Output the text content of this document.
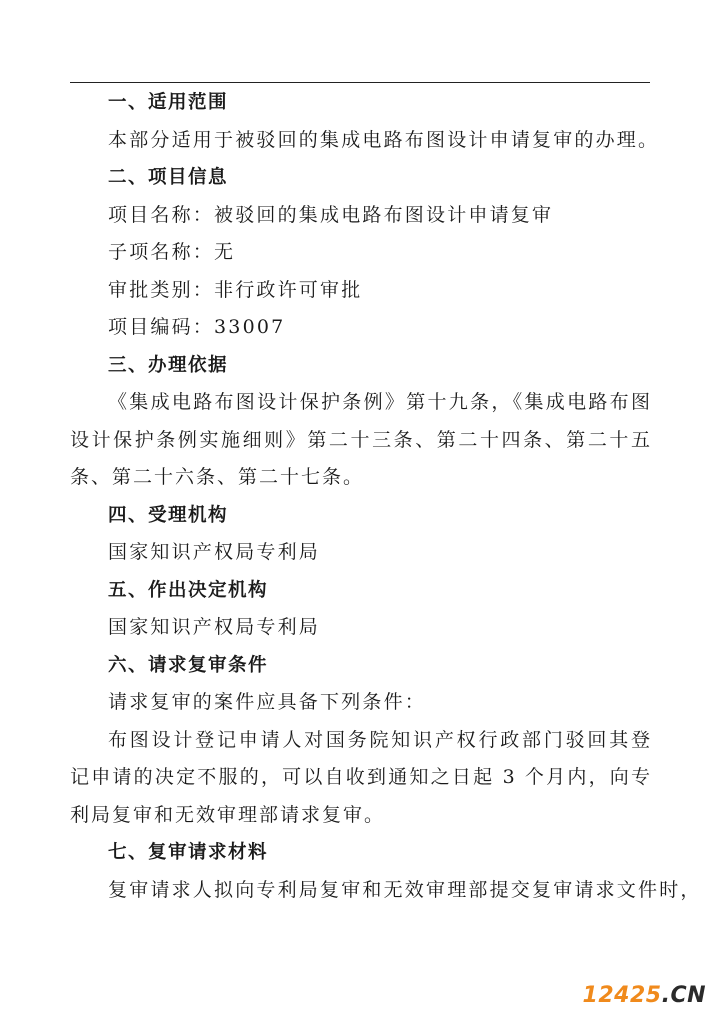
一、适用范围
本部分适用于被驳回的集成电路布图设计申请复审的办理。
二、项目信息
项目名称：被驳回的集成电路布图设计申请复审
子项名称：无
审批类别：非行政许可审批
项目编码：33007
三、办理依据
《集成电路布图设计保护条例》第十九条，《集成电路布图设计保护条例实施细则》第二十三条、第二十四条、第二十五条、第二十六条、第二十七条。
四、受理机构
国家知识产权局专利局
五、作出决定机构
国家知识产权局专利局
六、请求复审条件
请求复审的案件应具备下列条件：
布图设计登记申请人对国务院知识产权行政部门驳回其登记申请的决定不服的，可以自收到通知之日起 3 个月内，向专利局复审和无效审理部请求复审。
七、复审请求材料
复审请求人拟向专利局复审和无效审理部提交复审请求文件时，
12425.CN
